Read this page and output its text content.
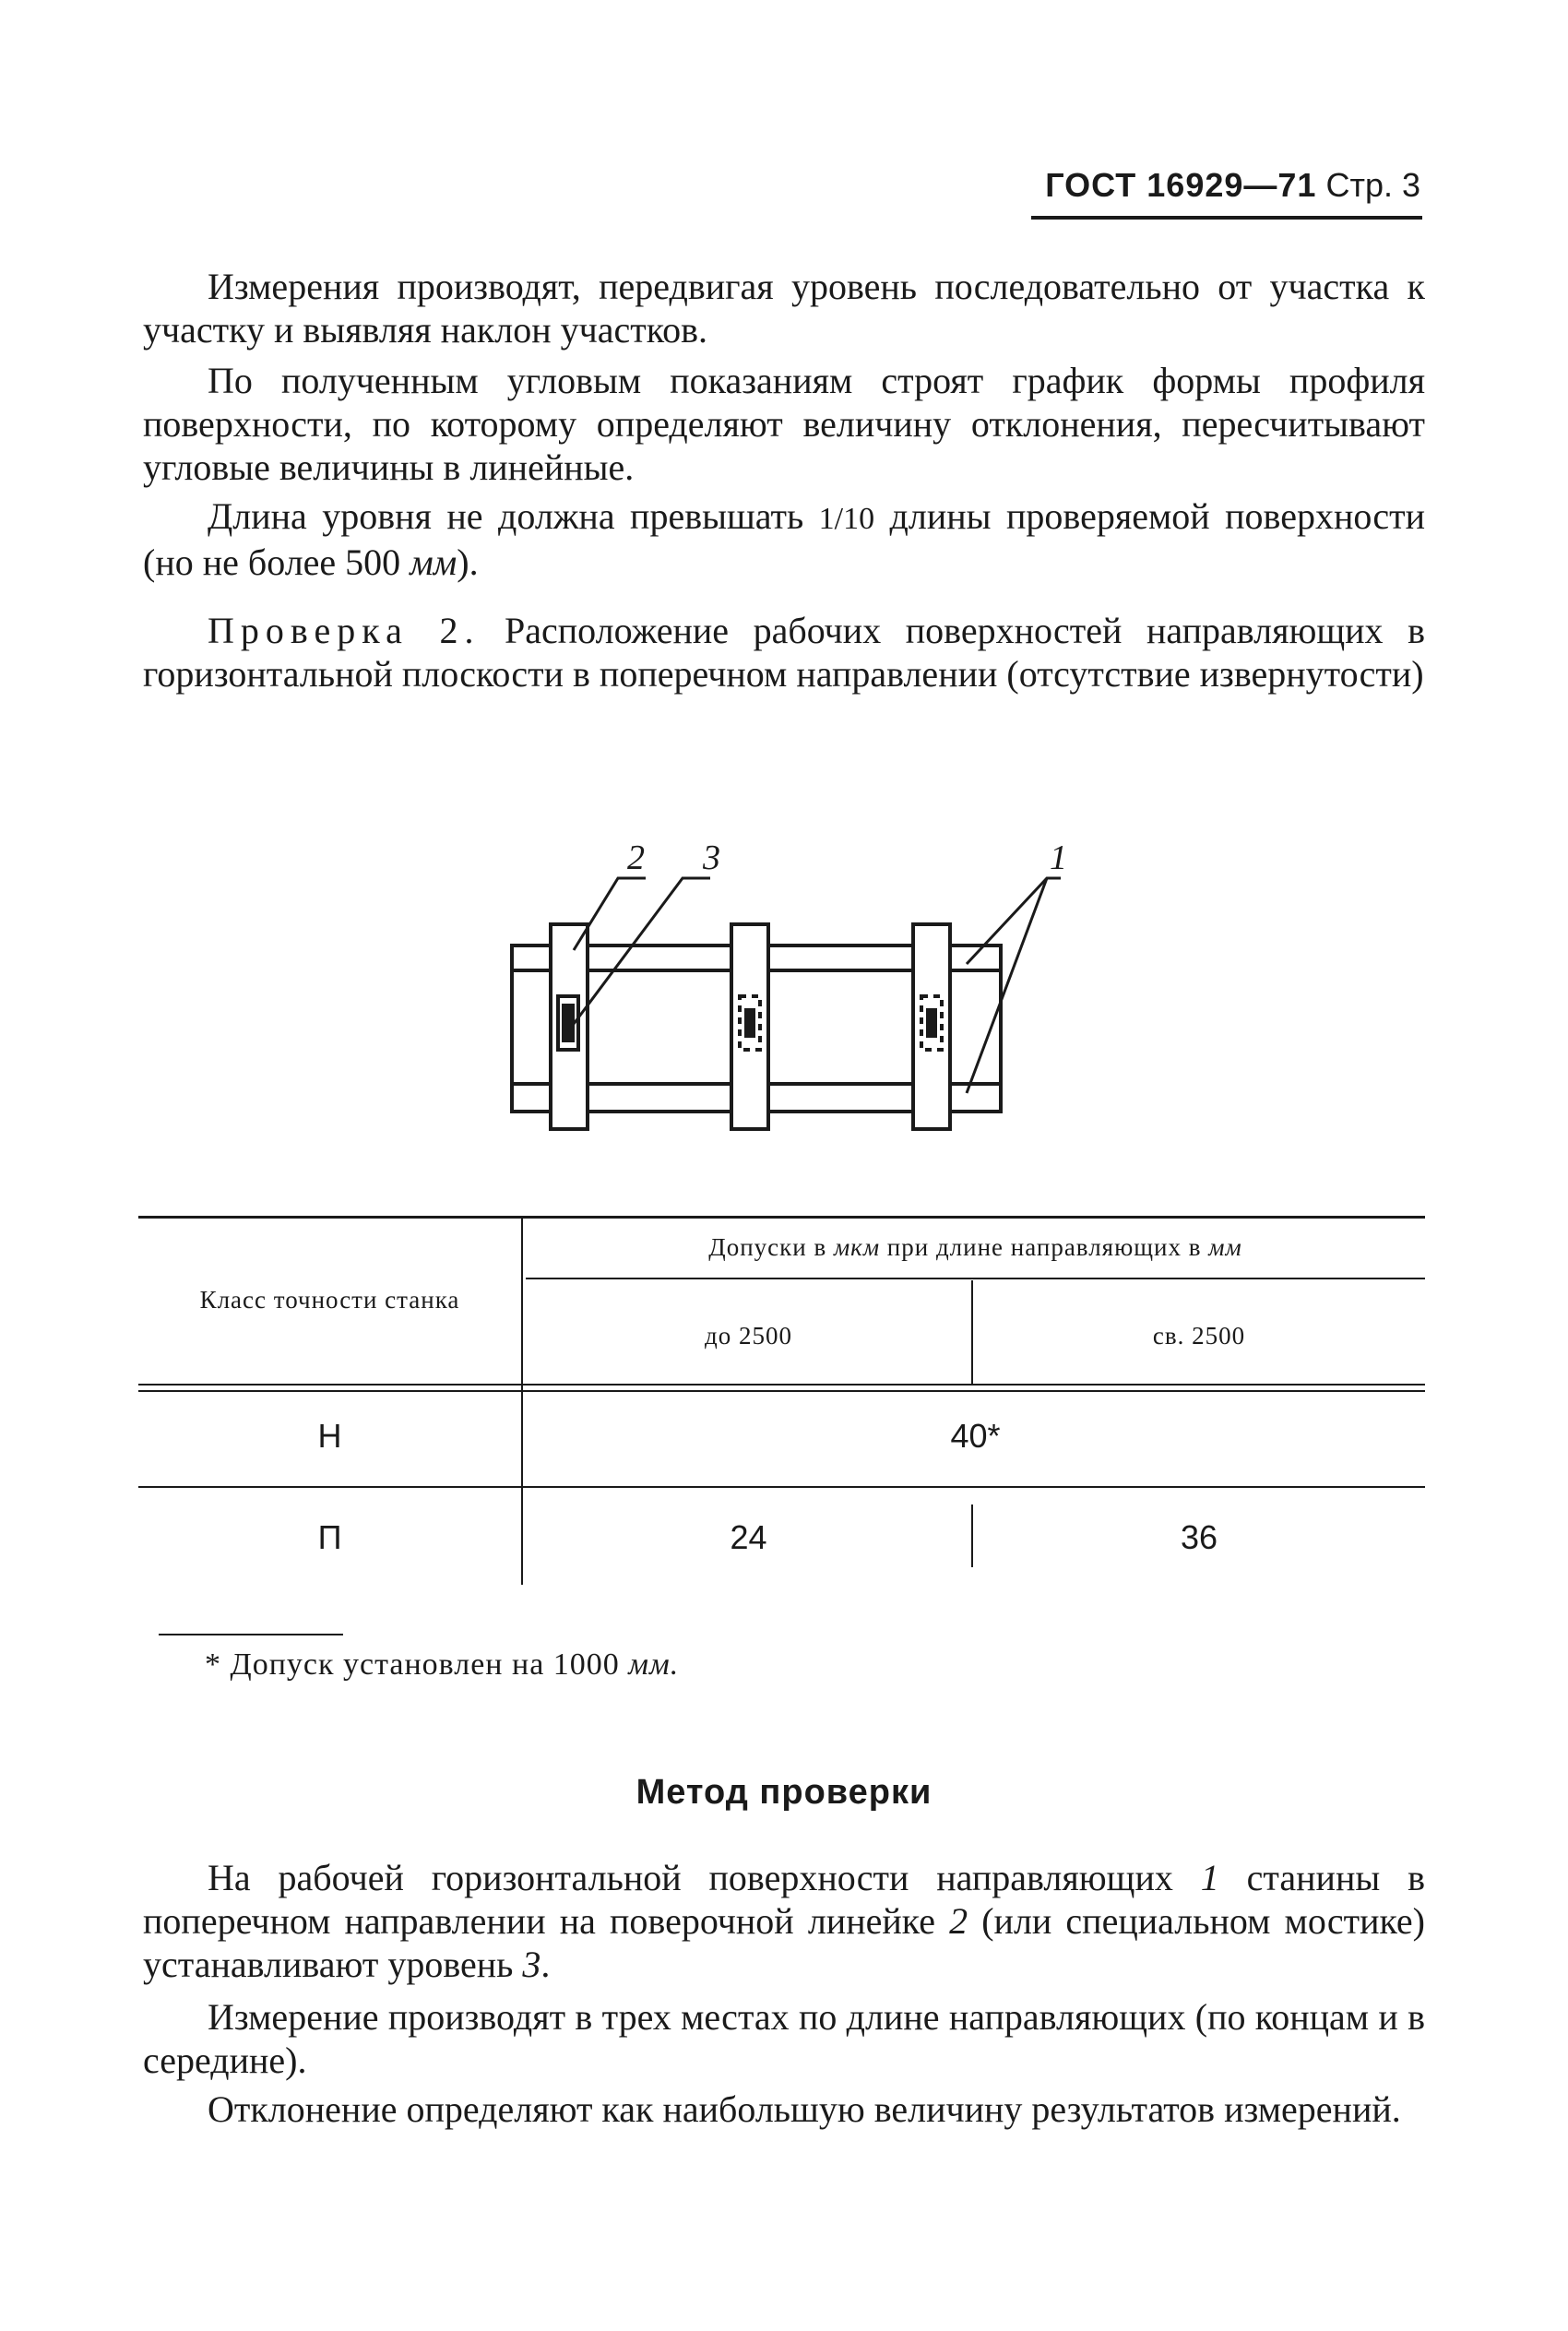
ГОСТ 16929—71 Стр. 3

Измерения производят, передвигая уровень последовательно от участка к участку и выявляя наклон участков.

По полученным угловым показаниям строят график формы профиля поверхности, по которому определяют величину отклонения, пересчитывают угловые величины в линейные.

Длина уровня не должна превышать 1/10 длины проверяемой поверхности (но не более 500 мм).

Проверка 2. Расположение рабочих поверхностей направляющих в горизонтальной плоскости в поперечном направлении (отсутствие извернутости)

2 3	1
Класс точности станка
Допуски в мкм при длине направляющих в мм
до 2500	св. 2500
Н	40*
П	24	36
* Допуск установлен на 1000 мм.
Метод проверки

На рабочей горизонтальной поверхности направляющих 1 станины в поперечном направлении на поверочной линейке 2 (или специальном мостике) устанавливают уровень 3.

Измерение производят в трех местах по длине направляющих (по концам и в середине).

Отклонение определяют как наибольшую величину результатов измерений.
